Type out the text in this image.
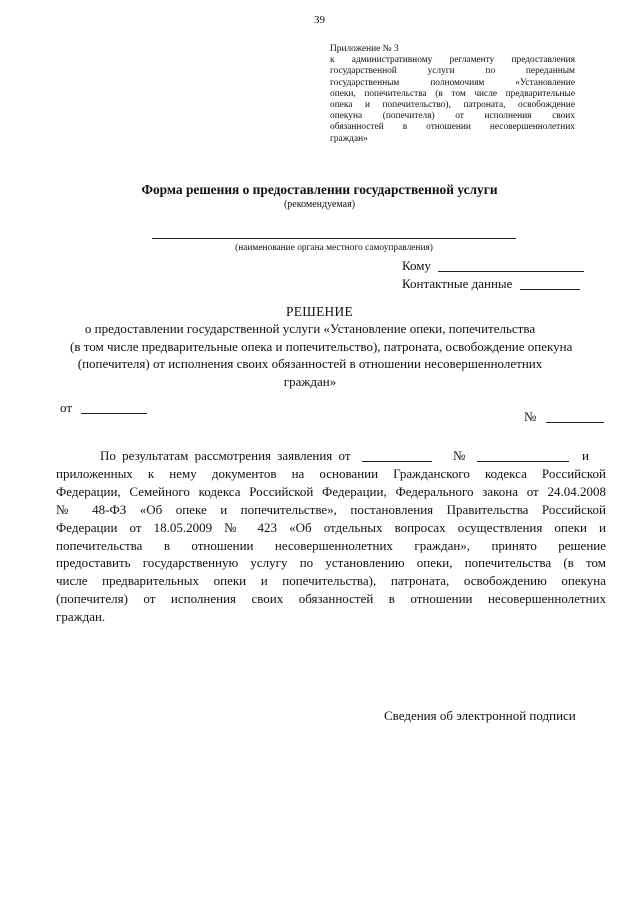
39
Приложение № 3
к административному регламенту предоставления
государственной услуги по переданным
государственным полномочиям «Установление
опеки, попечительства (в том числе предварительные
опека и попечительство), патроната, освобождение
опекуна (попечителя) от исполнения своих
обязанностей в отношении несовершеннолетних
граждан»
Форма решения о предоставлении государственной услуги
(рекомендуемая)
(наименование органа местного самоуправления)
Кому
Контактные данные
РЕШЕНИЕ
о предоставлении государственной услуги «Установление опеки, попечительства
(в том числе предварительные опека и попечительство), патроната, освобождение опекуна
(попечителя) от исполнения своих обязанностей в отношении несовершеннолетних
граждан»
от
№
По результатам рассмотрения заявления от	№	и
приложенных к нему документов на основании Гражданского кодекса Российской
Федерации, Семейного кодекса Российской Федерации, Федерального закона от 24.04.2008
№ 48-ФЗ «Об опеке и попечительстве», постановления Правительства Российской
Федерации от 18.05.2009 № 423 «Об отдельных вопросах осуществления опеки и
попечительства в отношении несовершеннолетних граждан», принято решение
предоставить государственную услугу по установлению опеки, попечительства (в том
числе предварительных опеки и попечительства), патроната, освобождению опекуна
(попечителя) от исполнения своих обязанностей в отношении несовершеннолетних
граждан.
Сведения об электронной подписи
